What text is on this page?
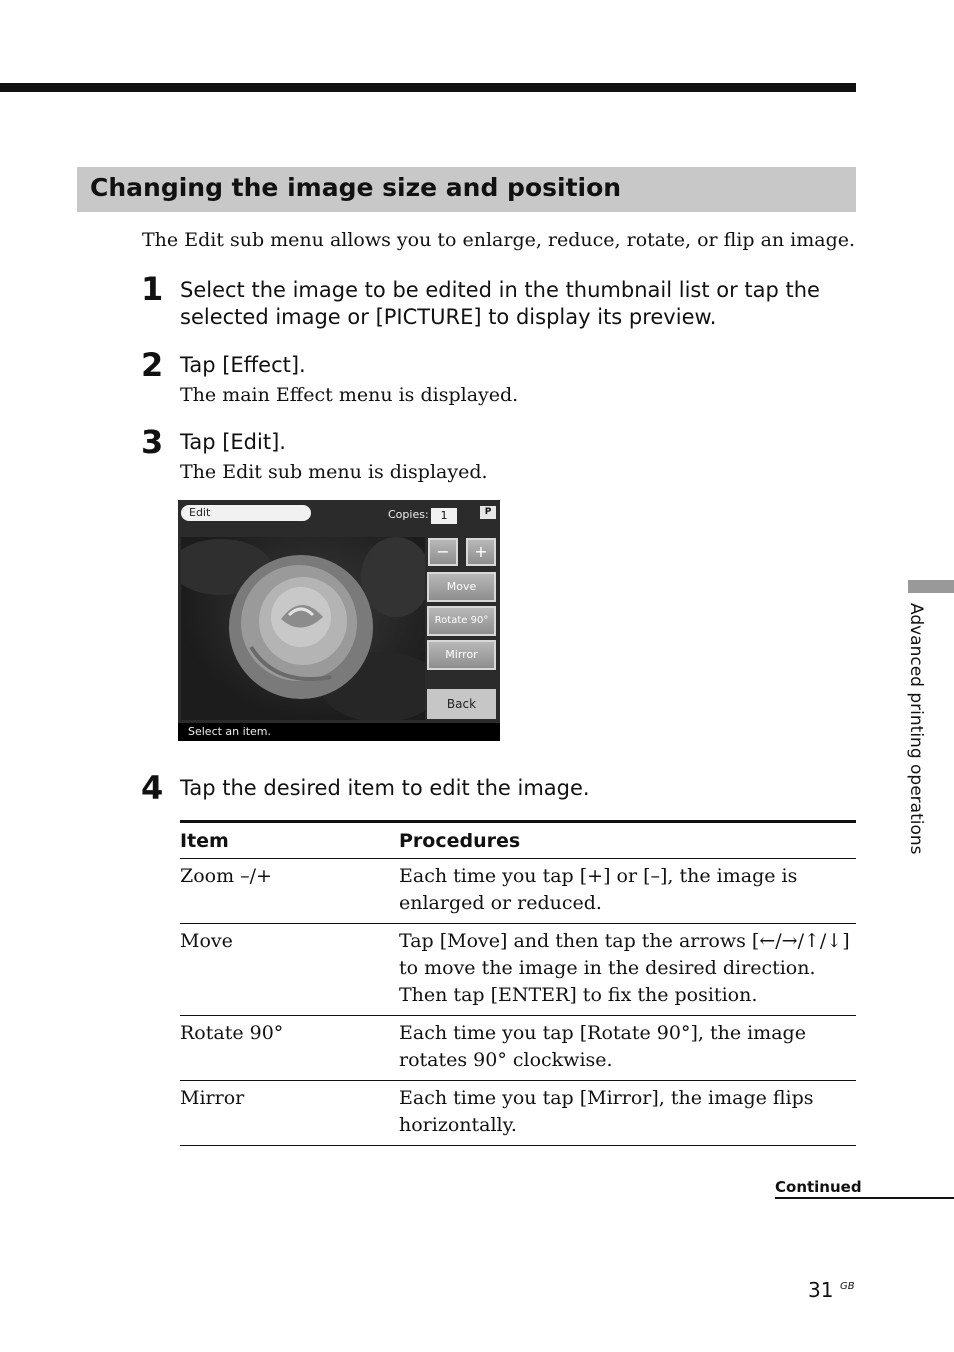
Changing the image size and position
The Edit sub menu allows you to enlarge, reduce, rotate, or flip an image.
1 Select the image to be edited in the thumbnail list or tap the selected image or [PICTURE] to display its preview.
2 Tap [Effect].
The main Effect menu is displayed.
3 Tap [Edit].
The Edit sub menu is displayed.
Edit	Copies:	1	P
−	+
Move
Rotate 90°
Mirror
Back
Select an item.
4 Tap the desired item to edit the image.
Item	Procedures
Zoom –/+	Each time you tap [+] or [–], the image is enlarged or reduced.
Move	Tap [Move] and then tap the arrows [←/→/↑/↓] to move the image in the desired direction. Then tap [ENTER] to fix the position.
Rotate 90°	Each time you tap [Rotate 90°], the image rotates 90° clockwise.
Mirror	Each time you tap [Mirror], the image flips horizontally.
Advanced printing operations
Continued
31 GB
